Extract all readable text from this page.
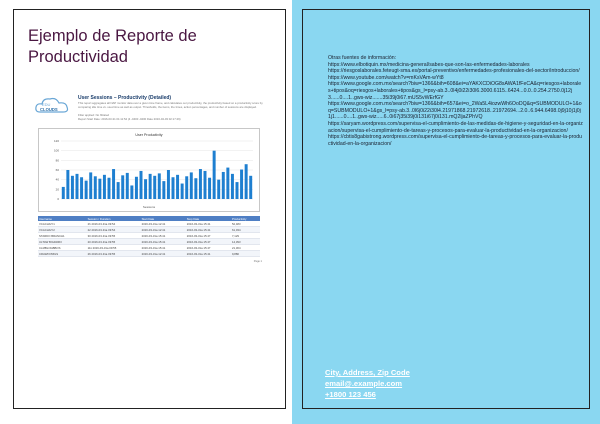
Ejemplo de Reporte de Productividad
EDU
CLOUDS
User Sessions – Productivity (Detailed)
This report aggregates all NAP monitor data over a given time frame, and calculates our productivity, the productivity based on a productivity score by comparing idle time vs. used time as well as output. Thresholds, the items, the times, action percentages, and number of sessions are displayed.
Filter applied: No filtrated
Report Start Date: 2016-03-31 01:11:54 (4 -0400 -0400 Date 2016-04-03 02:17:49)
User Productivity
Sessions
120
100
80
60
40
20
0
Username	Session / Duration	Start Date	Stop Date	Productivity
VCACHAIY1	2h 2016-03-31a 09:54	2016-03-31a 12:41	2016-03-31a 15:41	52,483
VCACHAIY2	22 2016-03-31a 09:54	2016-03-31a 12:41	2016-03-31a 15:41	61,034
STARDO BRANCH1	30 2016-03-31a 09:55	2016-03-31a 15:41	2016-03-31a 15:47	7,129
ULTAW BIG94063	20 2016-03-31a 09:55	2016-03-31a 15:41	2016-03-31a 15:47	14,393
CLMBLOGBBOS	111 2016-03-31a 09:55	2016-03-31a 15:41	2016-03-31a 15:47	21,304
CRAWF0S5GS	26 2016-03-31a 09:55	2016-03-31a 12:41	2016-03-31a 15:41	9,880
Page 1
Otras fuentes de información:
https://www.elbotiquin.mx/medicina-general/sabes-que-son-las-enfermedades-laborales
https://riesgoslaborales.feteugt-sma.es/portal-preventivo/enfermedades-profesionales-del-sector/introduccion/
https://www.youtube.com/watch?v=mKsVAm-wYt8
https://www.google.com.mx/search?biw=1366&bih=608&ei=aYAKXCDiOG8sAWA1fFeCA&q=riesgos+laborales+tipos&oq=riesgos+laborales+tipos&gs_l=psy-ab.3..0l4j0i22i30l6.3000.6115..6424...0.0..0.254.2750.0j12j3......0....1..gws-wiz.......35i39j0i67.mUS5vWErfGY
https://www.google.com.mx/search?biw=1366&bih=657&ei=o_2Wa5L4iozwWh6OoDQ&q=SUBMODULO+1&oq=SUBMODULO+1&gs_l=psy-ab.3..0l6j0i22i30l4.21971868.21972618..21972694...2.0..6.944.6498.0j9j10j1j0j1j1......0....1..gws-wiz.....6..0i67j35i39j0i131i67j0i131.mQ2ljaZPhVQ
https://saryam.wordpress.com/supervisa-el-cumplimiento-de-las-medidas-de-higiene-y-seguridad-en-la-organizacion/supervisa-el-cumplimiento-de-tareas-y-procesos-para-evaluar-la-productividad-en-la-organizacion/
https://cbtis8gabistrong.wordpress.com/supervisa-el-cumplimiento-de-tareas-y-procesos-para-evaluar-la-productividad-en-la-organizacion/
City, Address, Zip Code
email@.example.com
+1800 123 456
